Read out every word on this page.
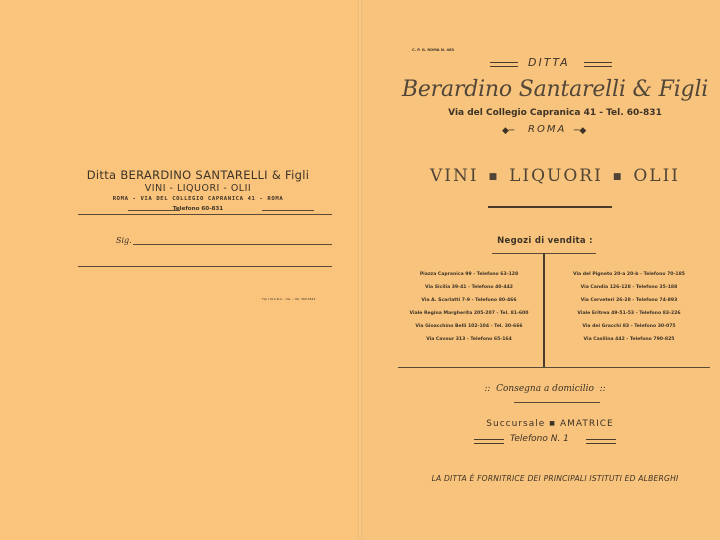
Ditta BERARDINO SANTARELLI & Figli
VINI - LIQUORI - OLII
ROMA - VIA DEL COLLEGIO CAPRANICA 41 - ROMA
Telefono 60-831
Sig.
Tip. I.M.A.R.A. - Via ... Tel. 360-5544
C. P. G. ROMA N. 463
DITTA
Berardino Santarelli & Figli
Via del Collegio Capranica 41 - Tel. 60-831
◆─ ROMA ─◆
VINI ■ LIQUORI ■ OLII
Negozi di vendita :
Piazza Capranica 99 - Telefono 63-128
Via Sicilia 39-41 - Telefono 40-442
Via A. Scarlatti 7-9 - Telefono 80-466
Viale Regina Margherita 205-207 - Tel. 81-600
Via Gioacchino Belli 102-104 - Tel. 30-666
Via Cavour 313 - Telefono 65-164
Via del Pigneto 20-a 20-b - Telefono 70-185
Via Candia 126-128 - Telefono 35-188
Via Cerveteri 26-28 - Telefono 74-893
Viale Eritrea 49-51-53 - Telefono 83-226
Via dei Gracchi 83 - Telefono 30-075
Via Casilina 442 - Telefono 790-825
::  Consegna a domicilio  ::
Succursale ■ AMATRICE
Telefono N. 1
LA DITTA È FORNITRICE DEI PRINCIPALI ISTITUTI ED ALBERGHI
